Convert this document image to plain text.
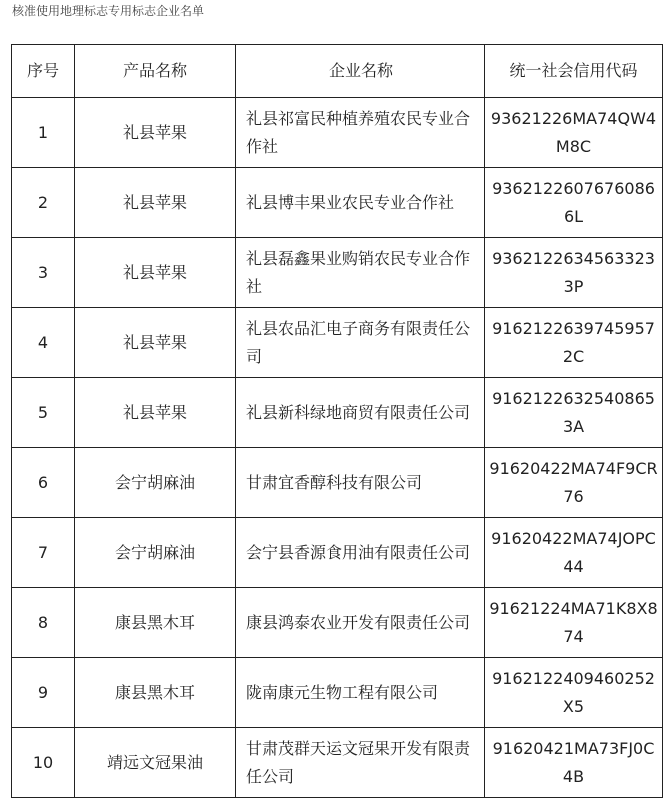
核准使用地理标志专用标志企业名单
序号	产品名称	企业名称	统一社会信用代码
1	礼县苹果	礼县祁富民种植养殖农民专业合作社	93621226MA74QW4M8C
2	礼县苹果	礼县博丰果业农民专业合作社	93621226076760866L
3	礼县苹果	礼县磊鑫果业购销农民专业合作社	93621226345633233P
4	礼县苹果	礼县农品汇电子商务有限责任公司	91621226397459572C
5	礼县苹果	礼县新科绿地商贸有限责任公司	91621226325408653A
6	会宁胡麻油	甘肃宜香醇科技有限公司	91620422MA74F9CR76
7	会宁胡麻油	会宁县香源食用油有限责任公司	91620422MA74JOPC44
8	康县黑木耳	康县鸿泰农业开发有限责任公司	91621224MA71K8X874
9	康县黑木耳	陇南康元生物工程有限公司	9162122409460252X5
10	靖远文冠果油	甘肃茂群天运文冠果开发有限责任公司	91620421MA73FJ0C4B
